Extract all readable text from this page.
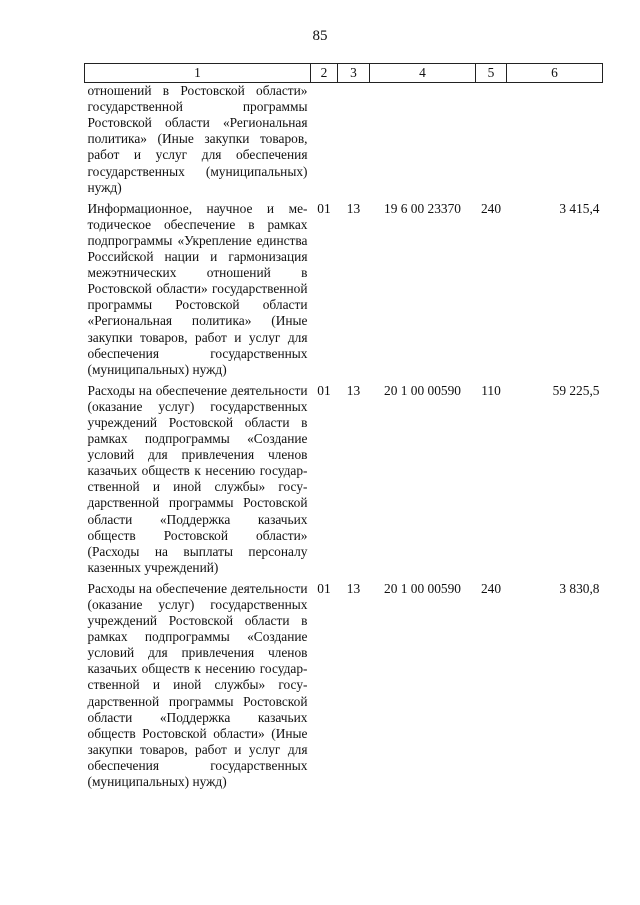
85
1	2	3	4	5	6
отношений в Ростовской области» государственной программы Ростовской области «Региональная политика» (Иные закупки товаров, работ и услуг для обеспечения государственных (муниципальных) нужд)					
Информационное, научное и методическое обеспечение в рамках подпрограммы «Укрепление единства Российской нации и гармонизация межэтнических отношений в Ростовской области» государственной программы Ростовской области «Региональная политика» (Иные закупки товаров, работ и услуг для обеспечения государственных (муниципальных) нужд)	01	13	19 6 00 23370	240	3 415,4
Расходы на обеспечение деятельности (оказание услуг) государственных учреждений Ростовской области в рамках подпрограммы «Создание условий для привлечения членов казачьих обществ к несению государственной и иной службы» государственной программы Ростовской области «Поддержка казачьих обществ Ростовской области» (Расходы на выплаты персоналу казенных учреждений)	01	13	20 1 00 00590	110	59 225,5
Расходы на обеспечение деятельности (оказание услуг) государственных учреждений Ростовской области в рамках подпрограммы «Создание условий для привлечения членов казачьих обществ к несению государственной и иной службы» государственной программы Ростовской области «Поддержка казачьих обществ Ростовской области» (Иные закупки товаров, работ и услуг для обеспечения государственных (муниципальных) нужд)	01	13	20 1 00 00590	240	3 830,8
